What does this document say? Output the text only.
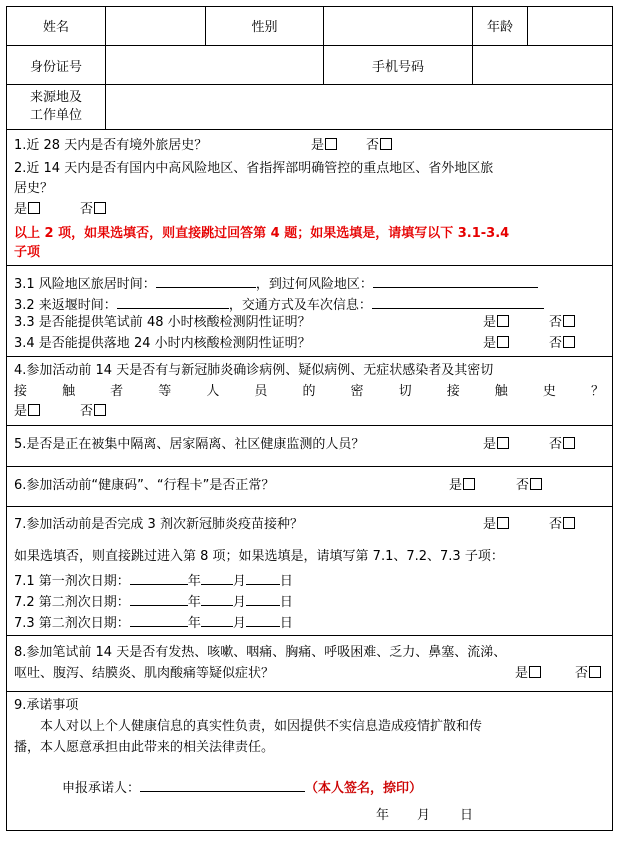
姓名	性别	年龄
身份证号	手机号码
来源地及
工作单位
1.近 28 天内是否有境外旅居史？	是	否
2.近 14 天内是否有国内中高风险地区、省指挥部明确管控的重点地区、省外地区旅
居史？
是	否
以上 2 项，如果选填否，则直接跳过回答第 4 题；如果选填是，请填写以下 3.1-3.4
子项
3.1 风险地区旅居时间：	，到过何风险地区：
3.2 来返堰时间：	，交通方式及车次信息：
3.3 是否能提供笔试前 48 小时核酸检测阴性证明？	是	否
3.4 是否能提供落地 24 小时内核酸检测阴性证明？	是	否
4.参加活动前 14 天是否有与新冠肺炎确诊病例、疑似病例、无症状感染者及其密切
接	触	者	等	人	员	的	密	切	接	触	史	？
是	否
5.是否是正在被集中隔离、居家隔离、社区健康监测的人员？	是	否
6.参加活动前“健康码”、“行程卡”是否正常？	是	否
7.参加活动前是否完成 3 剂次新冠肺炎疫苗接种？	是	否
如果选填否，则直接跳过进入第 8 项；如果选填是，请填写第 7.1、7.2、7.3 子项：
7.1 第一剂次日期：	年 月	日
7.2 第二剂次日期：	年 月	日
7.3 第二剂次日期：	年 月	日
8.参加笔试前 14 天是否有发热、咳嗽、咽痛、胸痛、呼吸困难、乏力、鼻塞、流涕、
呕吐、腹泻、结膜炎、肌肉酸痛等疑似症状？	是	否
9.承诺事项
本人对以上个人健康信息的真实性负责，如因提供不实信息造成疫情扩散和传
播，本人愿意承担由此带来的相关法律责任。
申报承诺人：	（本人签名，捺印）
年 月 日
